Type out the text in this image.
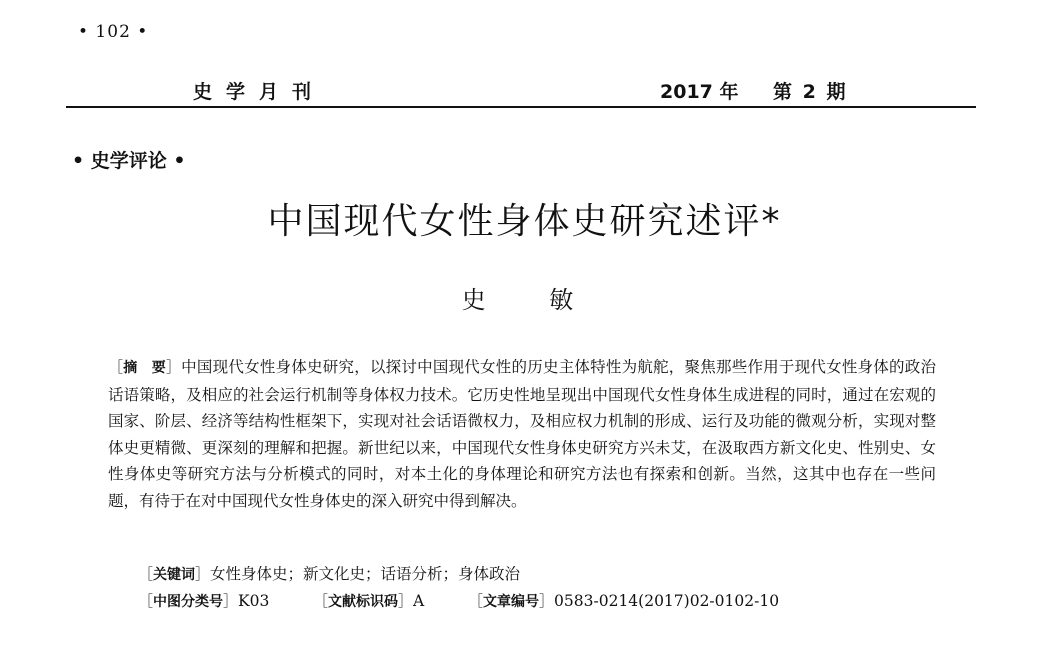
• 102 •
史学月刊	2017 年 第 2 期
• 史学评论 •
中国现代女性身体史研究述评*
史 敏
［摘　要］中国现代女性身体史研究，以探讨中国现代女性的历史主体特性为航舵，聚焦那些作用于现代女性身体的政治话语策略，及相应的社会运行机制等身体权力技术。它历史性地呈现出中国现代女性身体生成进程的同时，通过在宏观的国家、阶层、经济等结构性框架下，实现对社会话语微权力，及相应权力机制的形成、运行及功能的微观分析，实现对整体史更精微、更深刻的理解和把握。新世纪以来，中国现代女性身体史研究方兴未艾，在汲取西方新文化史、性别史、女性身体史等研究方法与分析模式的同时，对本土化的身体理论和研究方法也有探索和创新。当然，这其中也存在一些问题，有待于在对中国现代女性身体史的深入研究中得到解决。
［关键词］女性身体史；新文化史；话语分析；身体政治
［中图分类号］K03	［文献标识码］A	［文章编号］0583-0214(2017)02-0102-10
